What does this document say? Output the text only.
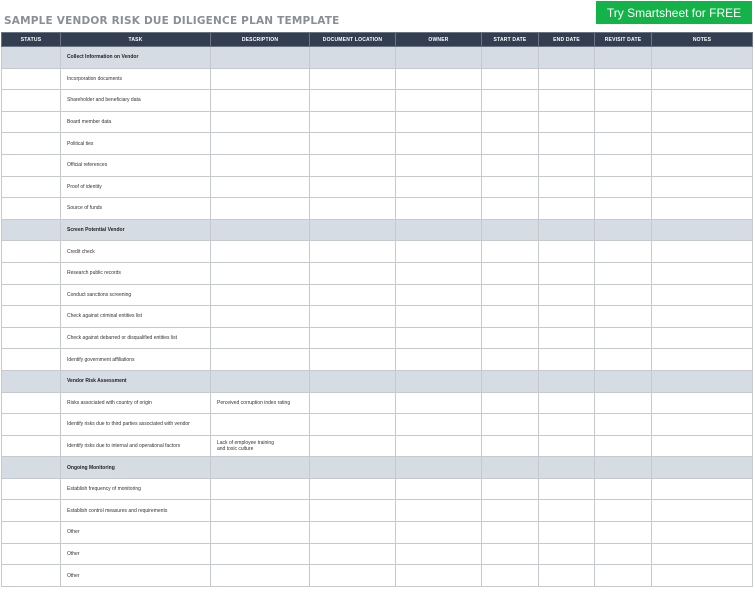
SAMPLE VENDOR RISK DUE DILIGENCE PLAN TEMPLATE
Try Smartsheet for FREE
STATUS	TASK	DESCRIPTION	DOCUMENT LOCATION	OWNER	START DATE	END DATE	REVISIT DATE	NOTES
	Collect Information on Vendor							
	Incorporation documents							
	Shareholder and beneficiary data							
	Board member data							
	Political ties							
	Official references							
	Proof of identity							
	Source of funds							
	Screen Potential Vendor							
	Credit check							
	Research public records							
	Conduct sanctions screening							
	Check against criminal entities list							
	Check against debarred or disqualified entities list							
	Identify government affiliations							
	Vendor Risk Assessment							
	Risks associated with country of origin	Perceived corruption index rating						
	Identify risks due to third parties associated with vendor							
	Identify risks due to internal and operational factors	Lack of employee training
and toxic culture						
	Ongoing Monitoring							
	Establish frequency of monitoring							
	Establish control measures and requirements							
	Other							
	Other							
	Other							
